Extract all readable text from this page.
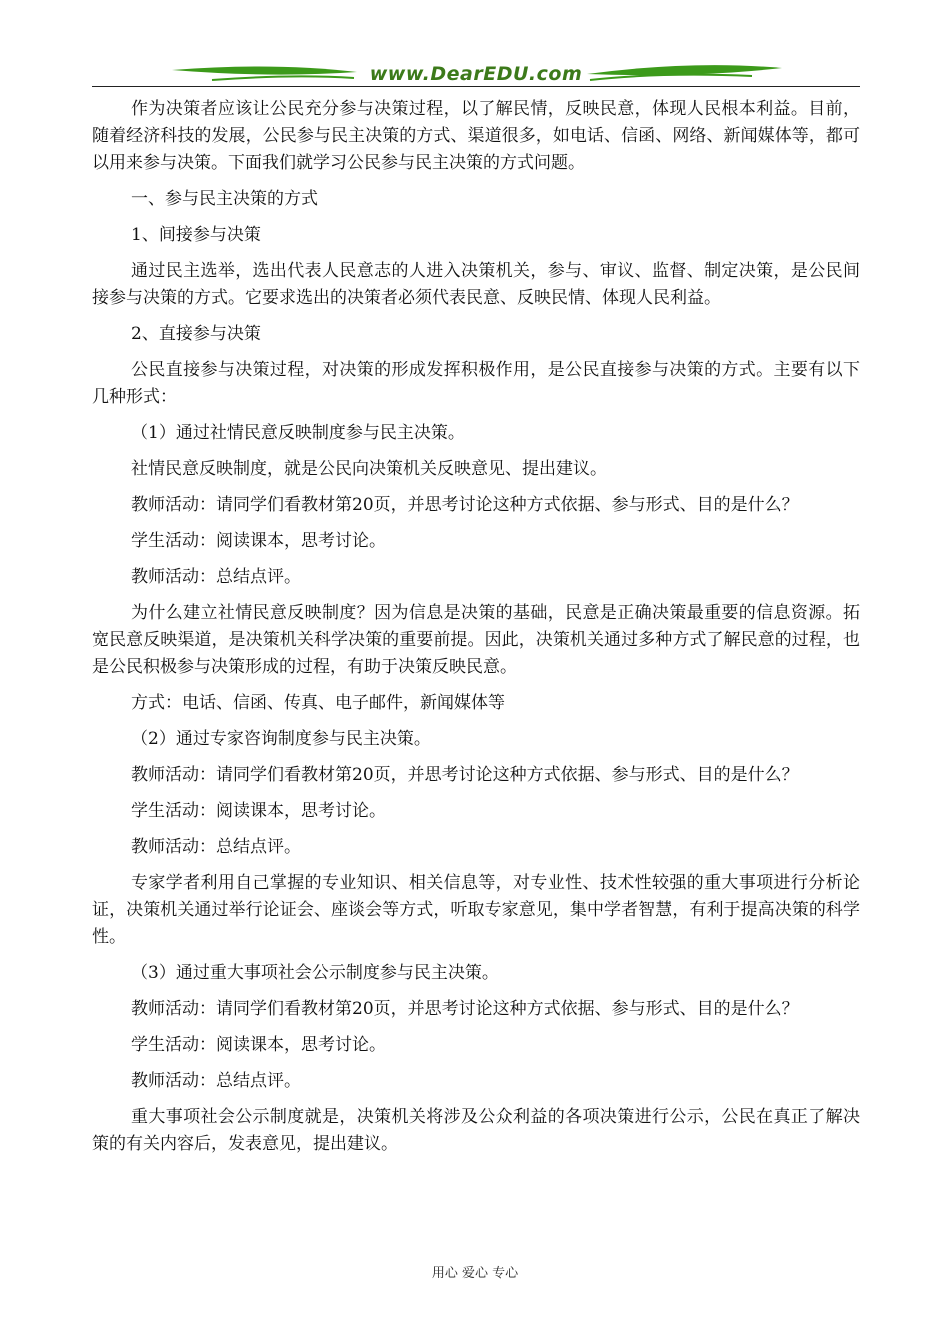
www.DearEDU.com

作为决策者应该让公民充分参与决策过程，以了解民情，反映民意，体现人民根本利益。目前，随着经济科技的发展，公民参与民主决策的方式、渠道很多，如电话、信函、网络、新闻媒体等，都可以用来参与决策。下面我们就学习公民参与民主决策的方式问题。

一、参与民主决策的方式

1、间接参与决策

通过民主选举，选出代表人民意志的人进入决策机关，参与、审议、监督、制定决策，是公民间接参与决策的方式。它要求选出的决策者必须代表民意、反映民情、体现人民利益。

2、直接参与决策

公民直接参与决策过程，对决策的形成发挥积极作用，是公民直接参与决策的方式。主要有以下几种形式：

（1）通过社情民意反映制度参与民主决策。

社情民意反映制度，就是公民向决策机关反映意见、提出建议。

教师活动：请同学们看教材第20页，并思考讨论这种方式依据、参与形式、目的是什么？

学生活动：阅读课本，思考讨论。

教师活动：总结点评。

为什么建立社情民意反映制度？因为信息是决策的基础，民意是正确决策最重要的信息资源。拓宽民意反映渠道，是决策机关科学决策的重要前提。因此，决策机关通过多种方式了解民意的过程，也是公民积极参与决策形成的过程，有助于决策反映民意。

方式：电话、信函、传真、电子邮件，新闻媒体等

（2）通过专家咨询制度参与民主决策。

教师活动：请同学们看教材第20页，并思考讨论这种方式依据、参与形式、目的是什么？

学生活动：阅读课本，思考讨论。

教师活动：总结点评。

专家学者利用自己掌握的专业知识、相关信息等，对专业性、技术性较强的重大事项进行分析论证，决策机关通过举行论证会、座谈会等方式，听取专家意见，集中学者智慧，有利于提高决策的科学性。

（3）通过重大事项社会公示制度参与民主决策。

教师活动：请同学们看教材第20页，并思考讨论这种方式依据、参与形式、目的是什么？

学生活动：阅读课本，思考讨论。

教师活动：总结点评。

重大事项社会公示制度就是，决策机关将涉及公众利益的各项决策进行公示，公民在真正了解决策的有关内容后，发表意见，提出建议。

用心 爱心 专心
